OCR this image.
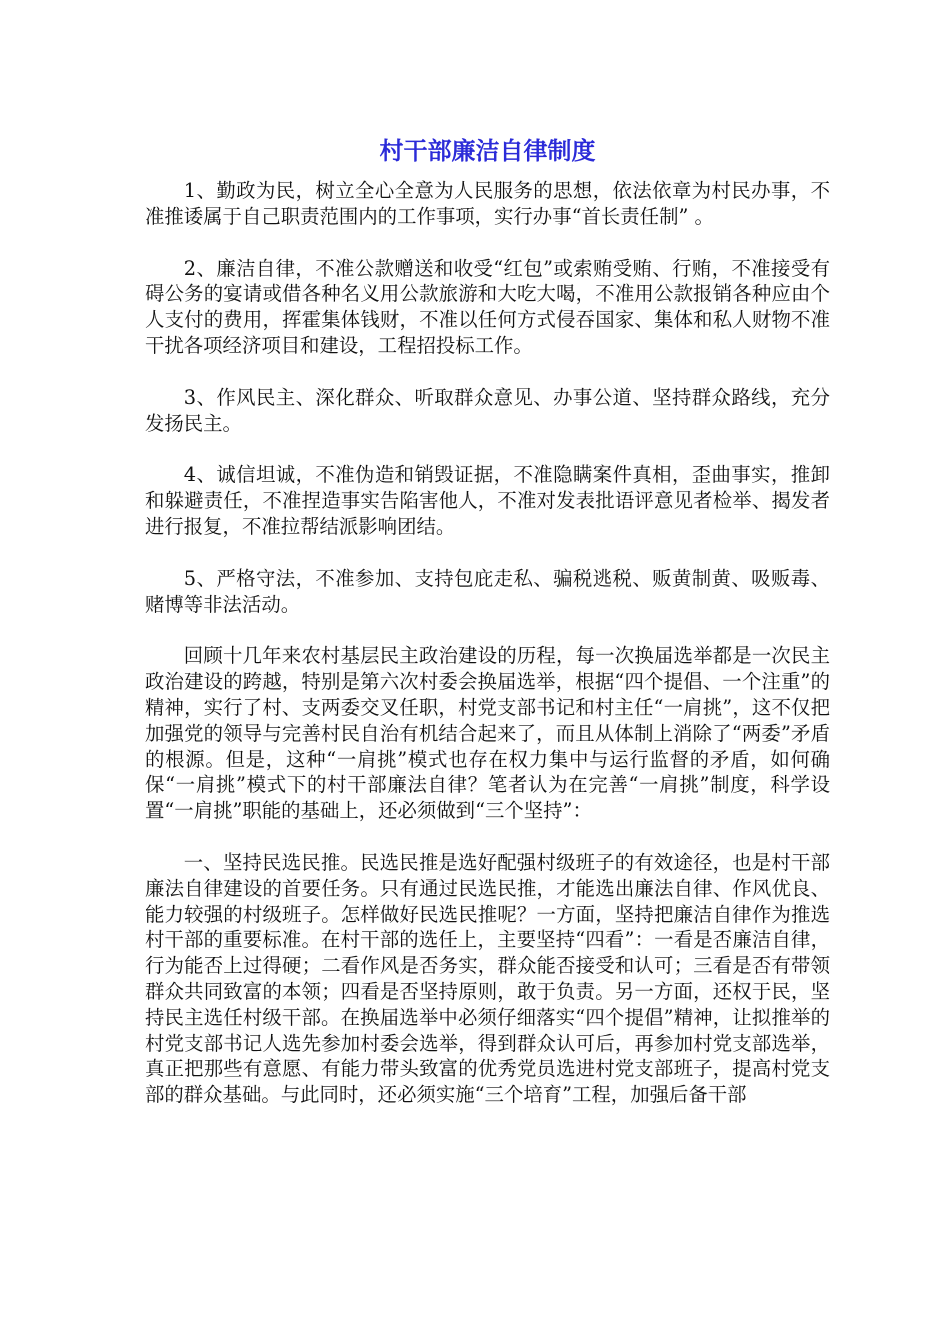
村干部廉洁自律制度

1、勤政为民，树立全心全意为人民服务的思想，依法依章为村民办事，不准推诿属于自己职责范围内的工作事项，实行办事“首长责任制” 。

2、廉洁自律，不准公款赠送和收受“红包”或索贿受贿、行贿，不准接受有碍公务的宴请或借各种名义用公款旅游和大吃大喝，不准用公款报销各种应由个人支付的费用，挥霍集体钱财，不准以任何方式侵吞国家、集体和私人财物不准干扰各项经济项目和建设，工程招投标工作。

3、作风民主、深化群众、听取群众意见、办事公道、坚持群众路线，充分发扬民主。

4、诚信坦诚，不准伪造和销毁证据，不准隐瞒案件真相，歪曲事实，推卸和躲避责任，不准捏造事实告陷害他人，不准对发表批语评意见者检举、揭发者进行报复，不准拉帮结派影响团结。

5、严格守法，不准参加、支持包庇走私、骗税逃税、贩黄制黄、吸贩毒、赌博等非法活动。

回顾十几年来农村基层民主政治建设的历程，每一次换届选举都是一次民主政治建设的跨越，特别是第六次村委会换届选举，根据“四个提倡、一个注重”的精神，实行了村、支两委交叉任职，村党支部书记和村主任“一肩挑”，这不仅把加强党的领导与完善村民自治有机结合起来了，而且从体制上消除了“两委”矛盾的根源。但是，这种“一肩挑”模式也存在权力集中与运行监督的矛盾，如何确保“一肩挑”模式下的村干部廉法自律？笔者认为在完善“一肩挑”制度，科学设置“一肩挑”职能的基础上，还必须做到“三个坚持”：

一、坚持民选民推。民选民推是选好配强村级班子的有效途径，也是村干部廉法自律建设的首要任务。只有通过民选民推，才能选出廉法自律、作风优良、能力较强的村级班子。怎样做好民选民推呢？一方面，坚持把廉洁自律作为推选村干部的重要标准。在村干部的选任上，主要坚持“四看”：一看是否廉洁自律，行为能否上过得硬；二看作风是否务实，群众能否接受和认可；三看是否有带领群众共同致富的本领；四看是否坚持原则，敢于负责。另一方面，还权于民，坚持民主选任村级干部。在换届选举中必须仔细落实“四个提倡”精神，让拟推举的村党支部书记人选先参加村委会选举，得到群众认可后，再参加村党支部选举，真正把那些有意愿、有能力带头致富的优秀党员选进村党支部班子，提高村党支部的群众基础。与此同时，还必须实施“三个培育”工程，加强后备干部
